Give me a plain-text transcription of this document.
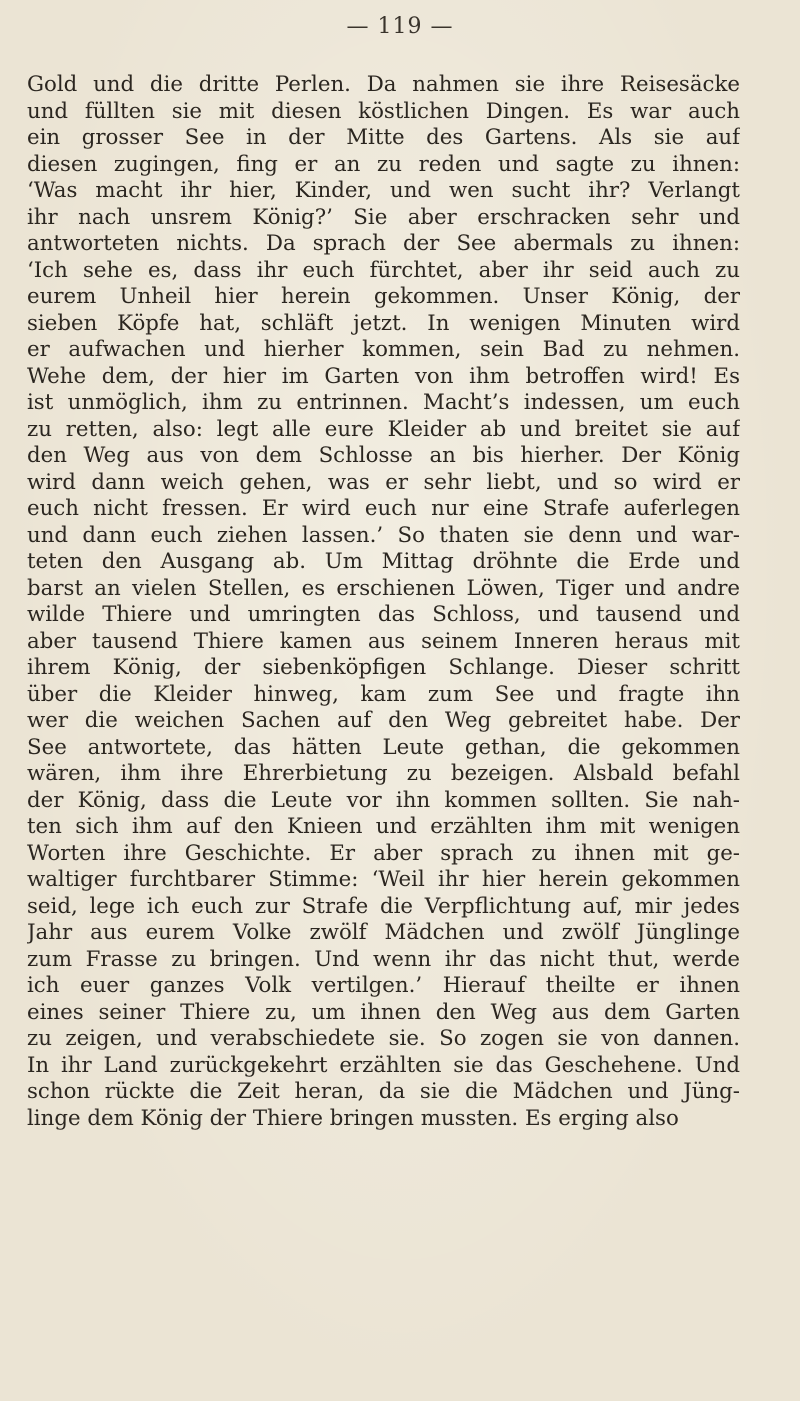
— 119 —
Gold und die dritte Perlen. Da nahmen sie ihre Reisesäcke
und füllten sie mit diesen köstlichen Dingen. Es war auch
ein grosser See in der Mitte des Gartens. Als sie auf
diesen zugingen, fing er an zu reden und sagte zu ihnen:
‘Was macht ihr hier, Kinder, und wen sucht ihr? Verlangt
ihr nach unsrem König?’ Sie aber erschracken sehr und
antworteten nichts. Da sprach der See abermals zu ihnen:
‘Ich sehe es, dass ihr euch fürchtet, aber ihr seid auch zu
eurem Unheil hier herein gekommen. Unser König, der
sieben Köpfe hat, schläft jetzt. In wenigen Minuten wird
er aufwachen und hierher kommen, sein Bad zu nehmen.
Wehe dem, der hier im Garten von ihm betroffen wird! Es
ist unmöglich, ihm zu entrinnen. Macht’s indessen, um euch
zu retten, also: legt alle eure Kleider ab und breitet sie auf
den Weg aus von dem Schlosse an bis hierher. Der König
wird dann weich gehen, was er sehr liebt, und so wird er
euch nicht fressen. Er wird euch nur eine Strafe auferlegen
und dann euch ziehen lassen.’ So thaten sie denn und war-
teten den Ausgang ab. Um Mittag dröhnte die Erde und
barst an vielen Stellen, es erschienen Löwen, Tiger und andre
wilde Thiere und umringten das Schloss, und tausend und
aber tausend Thiere kamen aus seinem Inneren heraus mit
ihrem König, der siebenköpfigen Schlange. Dieser schritt
über die Kleider hinweg, kam zum See und fragte ihn
wer die weichen Sachen auf den Weg gebreitet habe. Der
See antwortete, das hätten Leute gethan, die gekommen
wären, ihm ihre Ehrerbietung zu bezeigen. Alsbald befahl
der König, dass die Leute vor ihn kommen sollten. Sie nah-
ten sich ihm auf den Knieen und erzählten ihm mit wenigen
Worten ihre Geschichte. Er aber sprach zu ihnen mit ge-
waltiger furchtbarer Stimme: ‘Weil ihr hier herein gekommen
seid, lege ich euch zur Strafe die Verpflichtung auf, mir jedes
Jahr aus eurem Volke zwölf Mädchen und zwölf Jünglinge
zum Frasse zu bringen. Und wenn ihr das nicht thut, werde
ich euer ganzes Volk vertilgen.’ Hierauf theilte er ihnen
eines seiner Thiere zu, um ihnen den Weg aus dem Garten
zu zeigen, und verabschiedete sie. So zogen sie von dannen.
In ihr Land zurückgekehrt erzählten sie das Geschehene. Und
schon rückte die Zeit heran, da sie die Mädchen und Jüng-
linge dem König der Thiere bringen mussten. Es erging also
